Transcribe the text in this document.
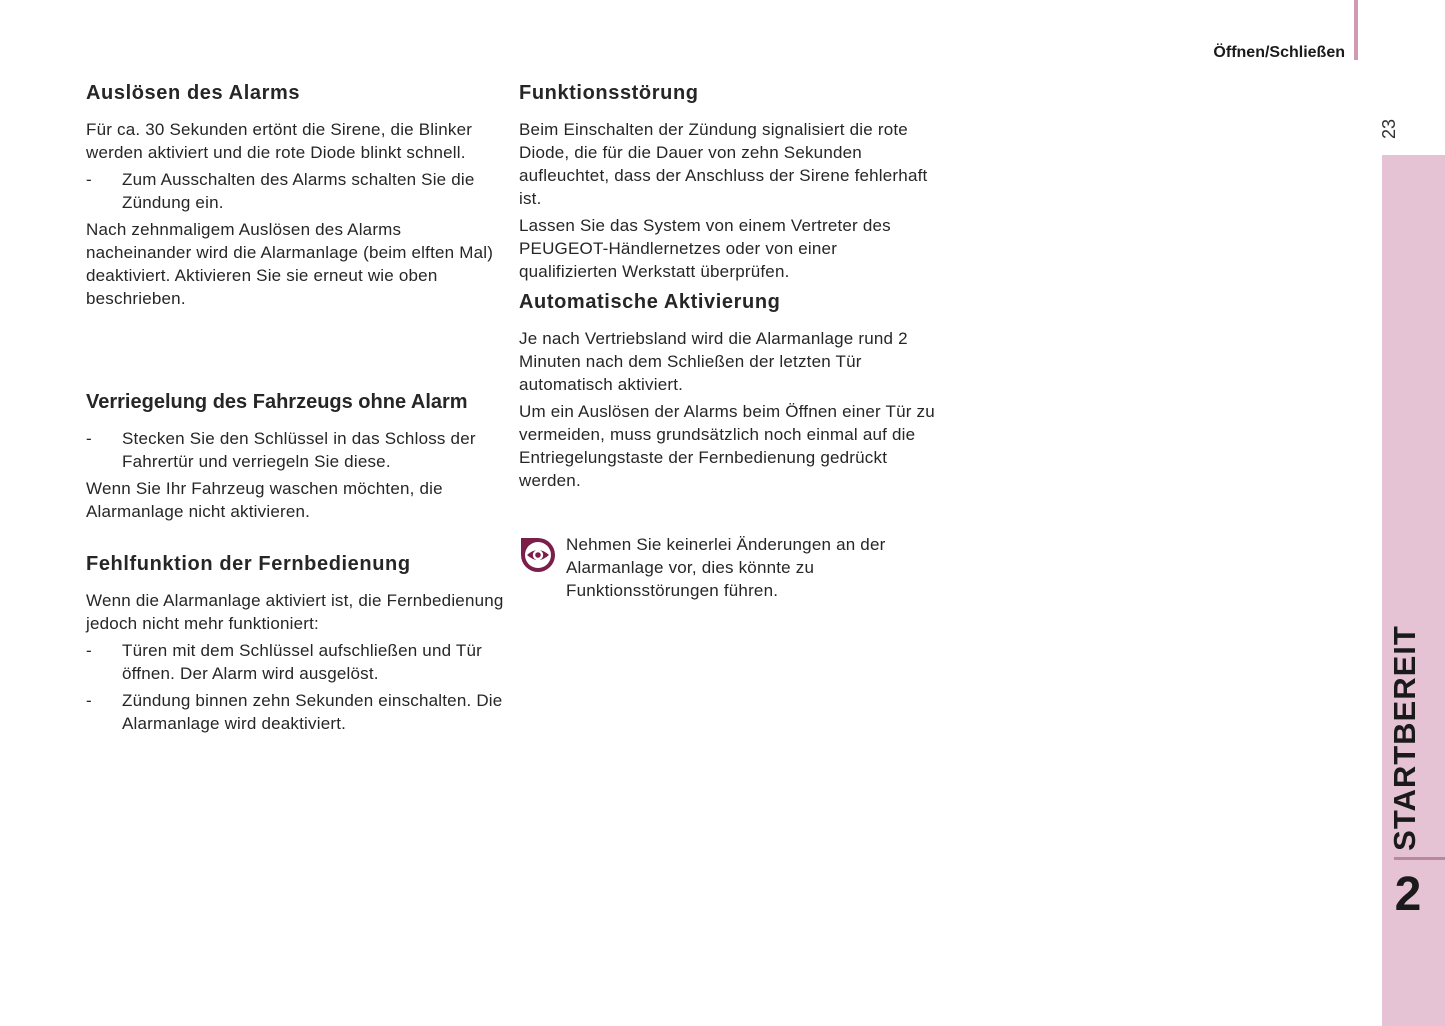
Öffnen/Schließen
23
STARTBEREIT
2
Auslösen des Alarms

Für ca. 30 Sekunden ertönt die Sirene, die Blinker werden aktiviert und die rote Diode blinkt schnell.

- Zum Ausschalten des Alarms schalten Sie die Zündung ein.

Nach zehnmaligem Auslösen des Alarms nacheinander wird die Alarmanlage (beim elften Mal) deaktiviert. Aktivieren Sie sie erneut wie oben beschrieben.

Verriegelung des Fahrzeugs ohne Alarm

- Stecken Sie den Schlüssel in das Schloss der Fahrertür und verriegeln Sie diese.

Wenn Sie Ihr Fahrzeug waschen möchten, die Alarmanlage nicht aktivieren.

Fehlfunktion der Fernbedienung

Wenn die Alarmanlage aktiviert ist, die Fernbedienung jedoch nicht mehr funktioniert:

- Türen mit dem Schlüssel aufschließen und Tür öffnen. Der Alarm wird ausgelöst.

- Zündung binnen zehn Sekunden einschalten. Die Alarmanlage wird deaktiviert.

Funktionsstörung

Beim Einschalten der Zündung signalisiert die rote Diode, die für die Dauer von zehn Sekunden aufleuchtet, dass der Anschluss der Sirene fehlerhaft ist.

Lassen Sie das System von einem Vertreter des PEUGEOT-Händlernetzes oder von einer qualifizierten Werkstatt überprüfen.

Automatische Aktivierung

Je nach Vertriebsland wird die Alarmanlage rund 2 Minuten nach dem Schließen der letzten Tür automatisch aktiviert.

Um ein Auslösen der Alarms beim Öffnen einer Tür zu vermeiden, muss grundsätzlich noch einmal auf die Entriegelungstaste der Fernbedienung gedrückt werden.

Nehmen Sie keinerlei Änderungen an der Alarmanlage vor, dies könnte zu Funktionsstörungen führen.
